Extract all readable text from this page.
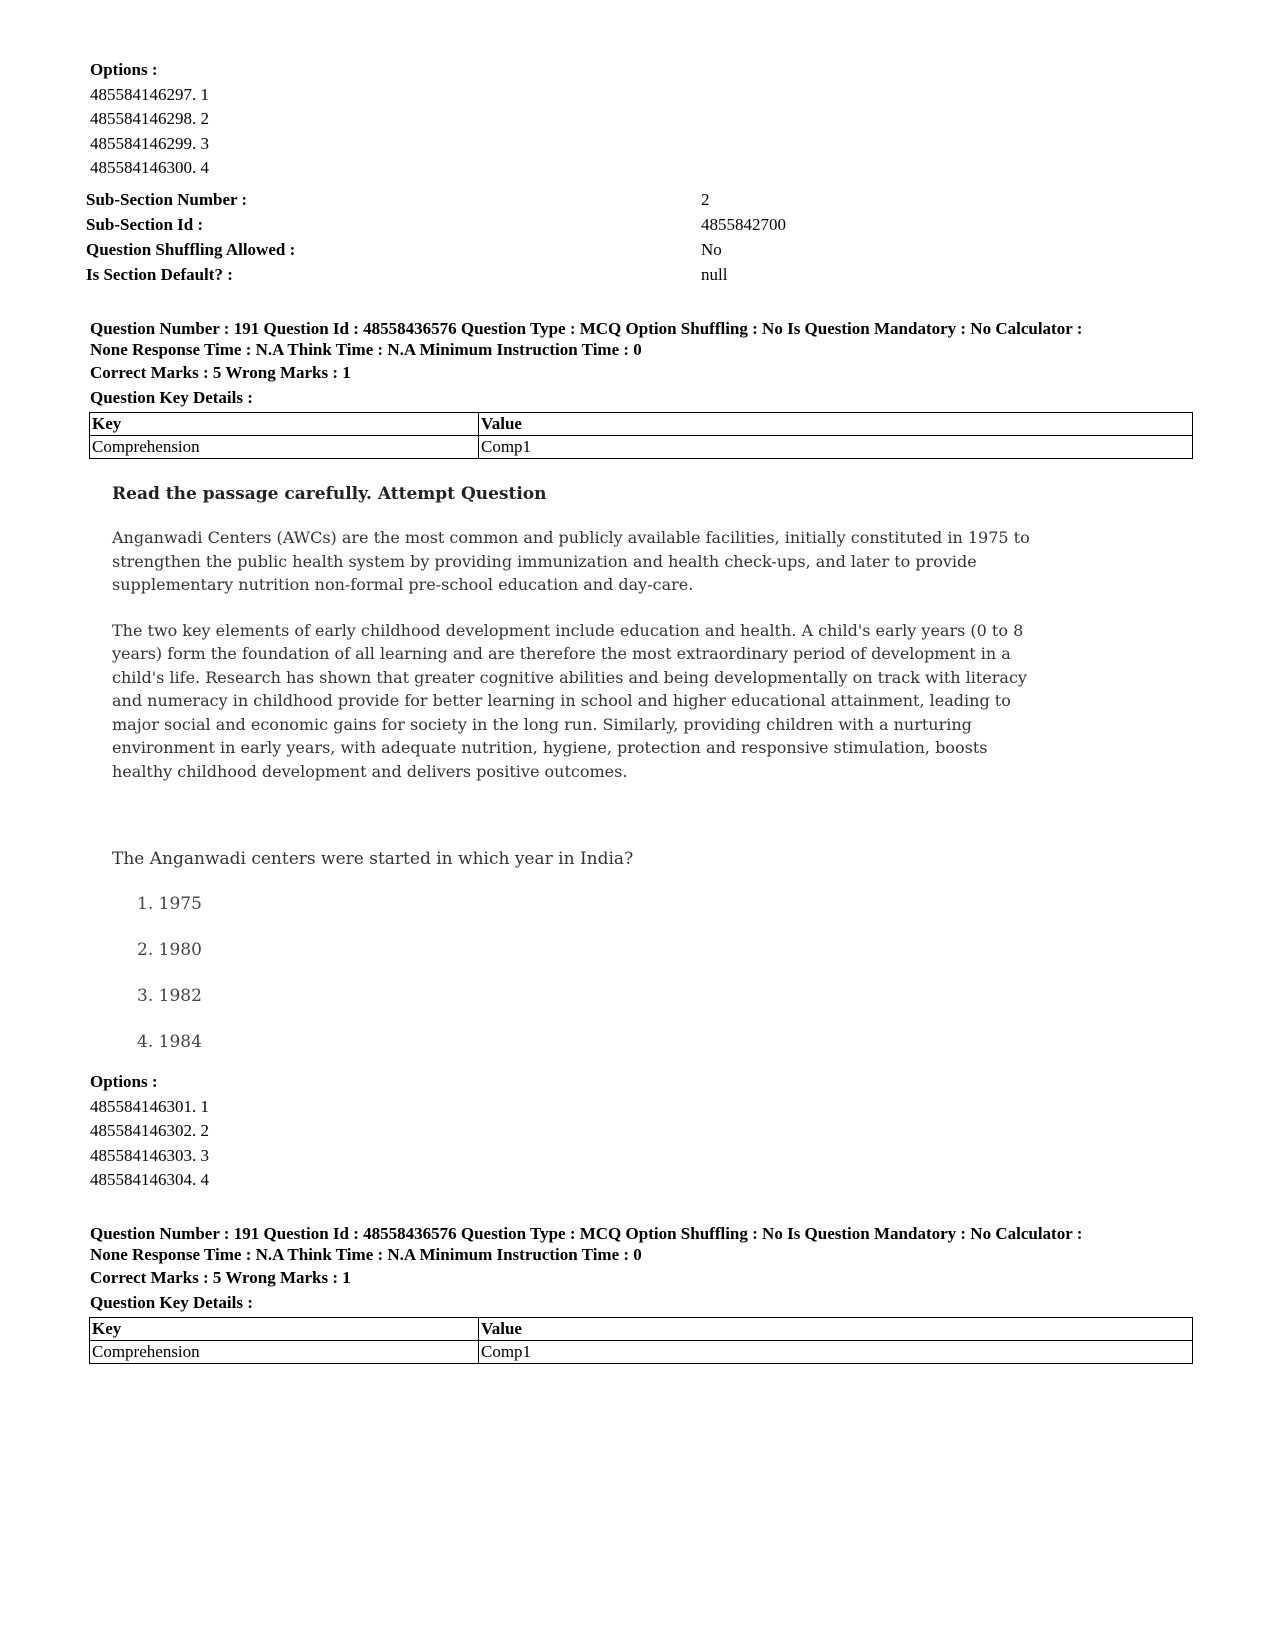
Options :
485584146297. 1
485584146298. 2
485584146299. 3
485584146300. 4
Sub-Section Number :	2
Sub-Section Id :	4855842700
Question Shuffling Allowed :	No
Is Section Default? :	null
Question Number : 191 Question Id : 48558436576 Question Type : MCQ Option Shuffling : No Is Question Mandatory : No Calculator :
None Response Time : N.A Think Time : N.A Minimum Instruction Time : 0
Correct Marks : 5 Wrong Marks : 1
Question Key Details :
Key	Value
Comprehension	Comp1
Read the passage carefully. Attempt Question

Anganwadi Centers (AWCs) are the most common and publicly available facilities, initially constituted in 1975 to strengthen the public health system by providing immunization and health check-ups, and later to provide supplementary nutrition non-formal pre-school education and day-care.

The two key elements of early childhood development include education and health. A child's early years (0 to 8 years) form the foundation of all learning and are therefore the most extraordinary period of development in a child's life. Research has shown that greater cognitive abilities and being developmentally on track with literacy and numeracy in childhood provide for better learning in school and higher educational attainment, leading to major social and economic gains for society in the long run. Similarly, providing children with a nurturing environment in early years, with adequate nutrition, hygiene, protection and responsive stimulation, boosts healthy childhood development and delivers positive outcomes.

The Anganwadi centers were started in which year in India?
1. 1975
2. 1980
3. 1982
4. 1984
Options :
485584146301. 1
485584146302. 2
485584146303. 3
485584146304. 4
Question Number : 191 Question Id : 48558436576 Question Type : MCQ Option Shuffling : No Is Question Mandatory : No Calculator :
None Response Time : N.A Think Time : N.A Minimum Instruction Time : 0
Correct Marks : 5 Wrong Marks : 1
Question Key Details :
Key	Value
Comprehension	Comp1
